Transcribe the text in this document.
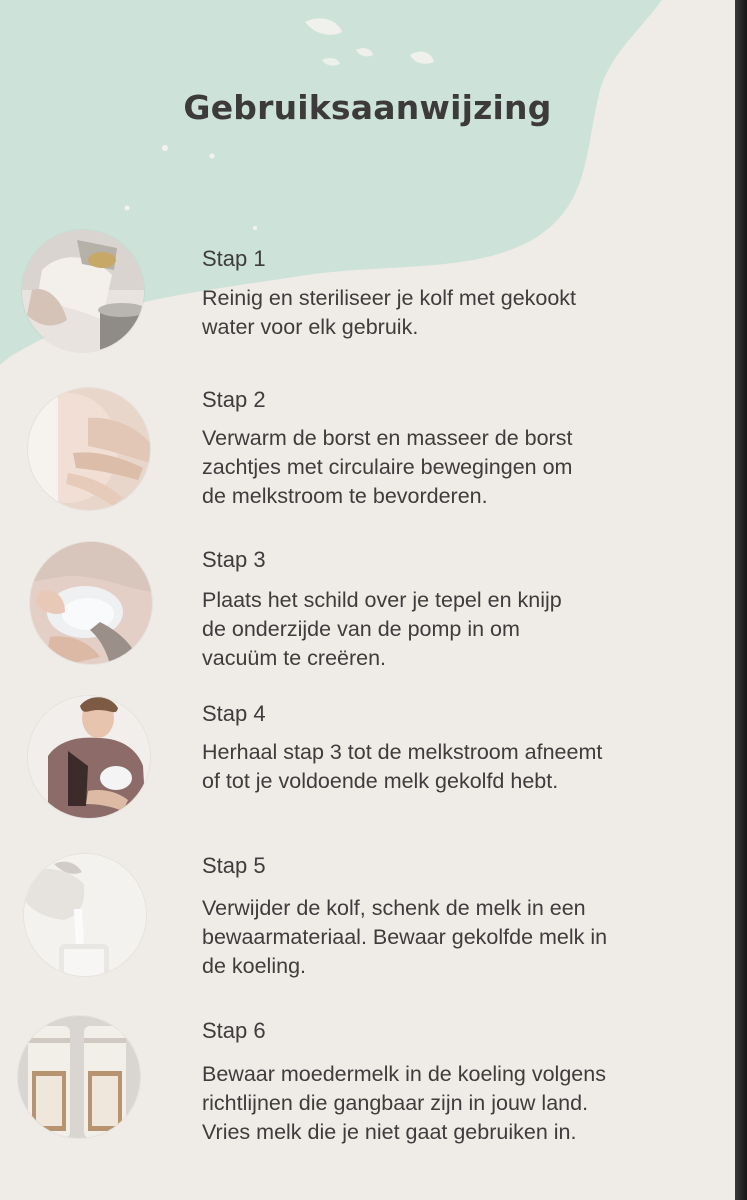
Gebruiksaanwijzing
Stap 1
Reinig en steriliseer je kolf met gekookt
water voor elk gebruik.
Stap 2
Verwarm de borst en masseer de borst
zachtjes met circulaire bewegingen om
de melkstroom te bevorderen.
Stap 3
Plaats het schild over je tepel en knijp
de onderzijde van de pomp in om
vacuüm te creëren.
Stap 4
Herhaal stap 3 tot de melkstroom afneemt
of tot je voldoende melk gekolfd hebt.
Stap 5
Verwijder de kolf, schenk de melk in een
bewaarmateriaal. Bewaar gekolfde melk in
de koeling.
Stap 6
Bewaar moedermelk in de koeling volgens
richtlijnen die gangbaar zijn in jouw land.
Vries melk die je niet gaat gebruiken in.
